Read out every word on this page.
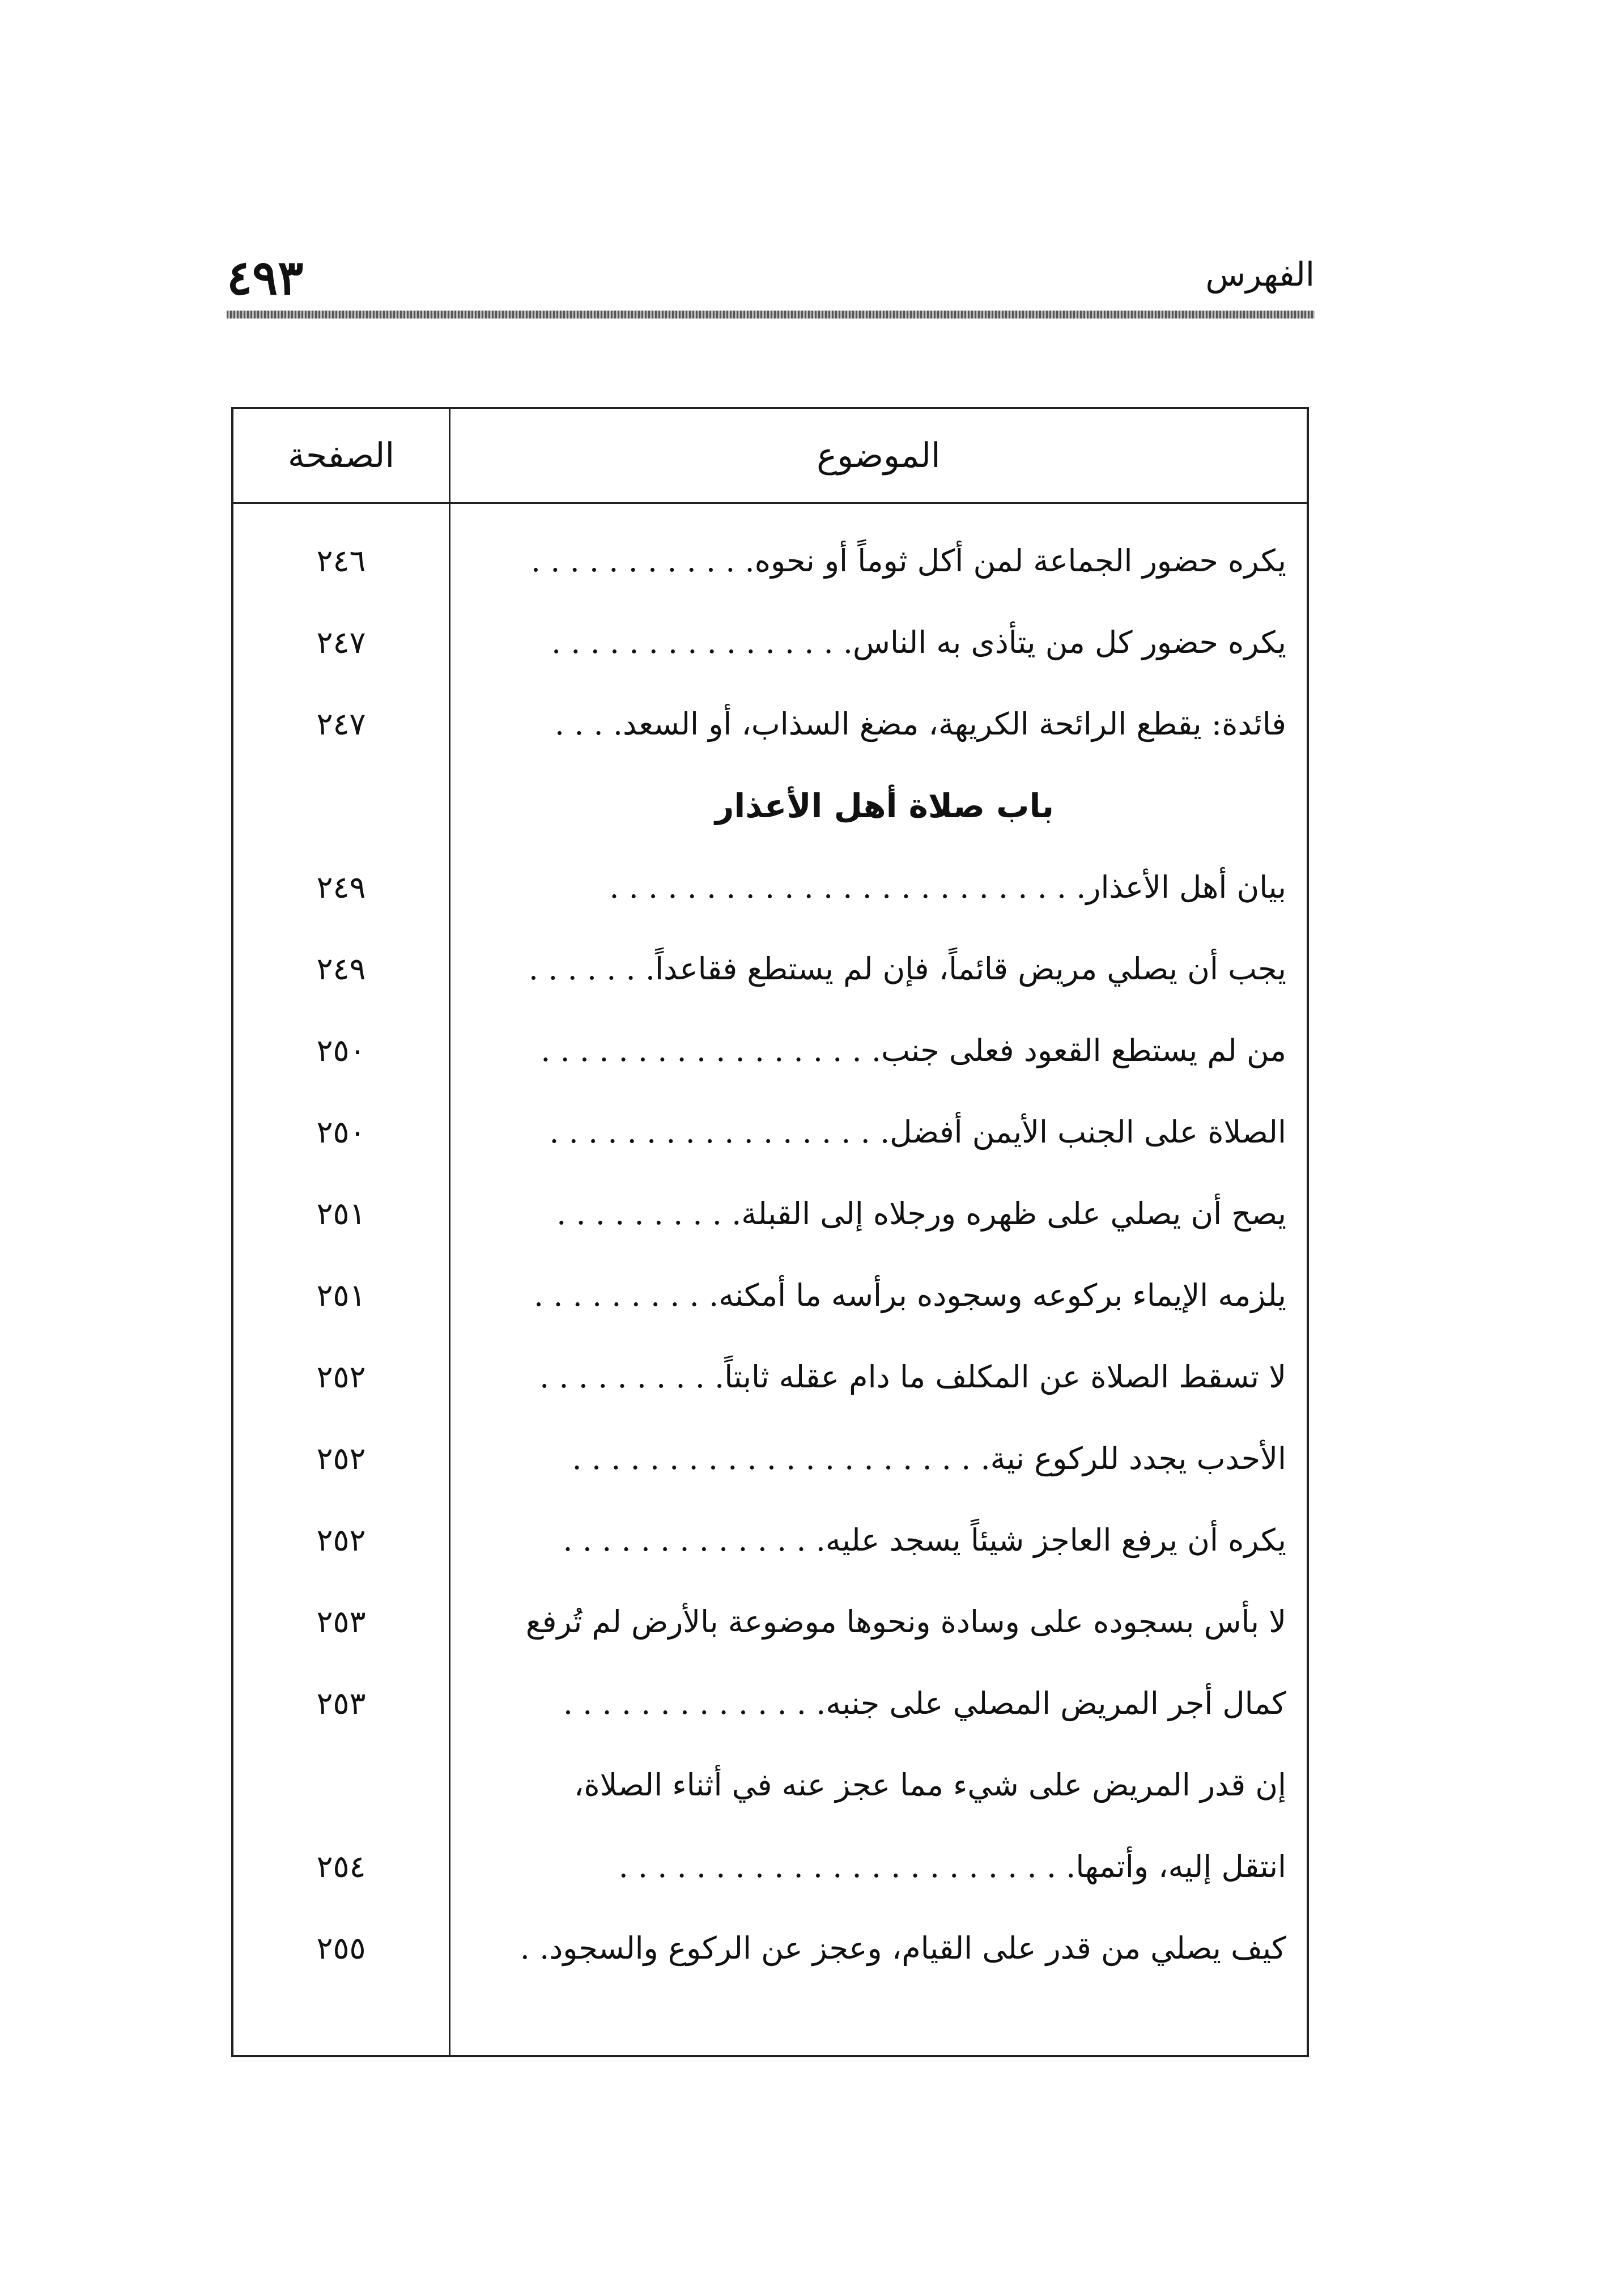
٤٩٣	الفهرس
الصفحة	الموضوع
٢٤٦	يكره حضور الجماعة لمن أكل ثوماً أو نحوه. . . . . . . . . . . .
٢٤٧	يكره حضور كل من يتأذى به الناس. . . . . . . . . . . . . . . .
٢٤٧	فائدة: يقطع الرائحة الكريهة، مضغ السذاب، أو السعد. . . .
باب صلاة أهل الأعذار
٢٤٩	بيان أهل الأعذار. . . . . . . . . . . . . . . . . . . . . . . . .
٢٤٩	يجب أن يصلي مريض قائماً، فإن لم يستطع فقاعداً. . . . . . .
٢٥٠	من لم يستطع القعود فعلى جنب. . . . . . . . . . . . . . . . . .
٢٥٠	الصلاة على الجنب الأيمن أفضل. . . . . . . . . . . . . . . . . .
٢٥١	يصح أن يصلي على ظهره ورجلاه إلى القبلة. . . . . . . . . .
٢٥١	يلزمه الإيماء بركوعه وسجوده برأسه ما أمكنه. . . . . . . . . .
٢٥٢	لا تسقط الصلاة عن المكلف ما دام عقله ثابتاً. . . . . . . . . .
٢٥٢	الأحدب يجدد للركوع نية. . . . . . . . . . . . . . . . . . . . . .
٢٥٢	يكره أن يرفع العاجز شيئاً يسجد عليه. . . . . . . . . . . . . .
٢٥٣	لا بأس بسجوده على وسادة ونحوها موضوعة بالأرض لم تُرفع
٢٥٣	كمال أجر المريض المصلي على جنبه. . . . . . . . . . . . . .
إن قدر المريض على شيء مما عجز عنه في أثناء الصلاة،
٢٥٤	انتقل إليه، وأتمها. . . . . . . . . . . . . . . . . . . . . . . .
٢٥٥	كيف يصلي من قدر على القيام، وعجز عن الركوع والسجود. .
